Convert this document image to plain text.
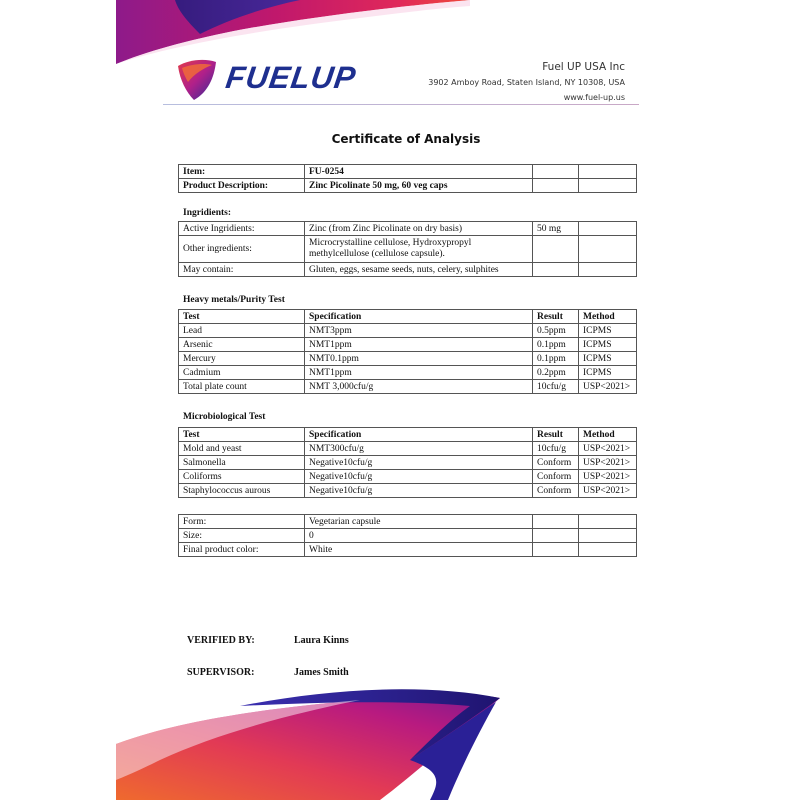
FUELUP	Fuel UP USA Inc
3902 Amboy Road, Staten Island, NY 10308, USA
www.fuel-up.us
Certificate of Analysis
Item:	FU-0254		
Product Description:	Zinc Picolinate 50 mg, 60 veg caps		
Ingridients:
Active Ingridients:	Zinc (from Zinc Picolinate on dry basis)	50 mg	
Other ingredients:	Microcrystalline cellulose, Hydroxypropyl methylcellulose (cellulose capsule).		
May contain:	Gluten, eggs, sesame seeds, nuts, celery, sulphites		
Heavy metals/Purity Test
Test	Specification	Result	Method
Lead	NMT3ppm	0.5ppm	ICPMS
Arsenic	NMT1ppm	0.1ppm	ICPMS
Mercury	NMT0.1ppm	0.1ppm	ICPMS
Cadmium	NMT1ppm	0.2ppm	ICPMS
Total plate count	NMT 3,000cfu/g	10cfu/g	USP<2021>
Microbiological Test
Test	Specification	Result	Method
Mold and yeast	NMT300cfu/g	10cfu/g	USP<2021>
Salmonella	Negative10cfu/g	Conform	USP<2021>
Coliforms	Negative10cfu/g	Conform	USP<2021>
Staphylococcus aurous	Negative10cfu/g	Conform	USP<2021>
Form:	Vegetarian capsule		
Size:	0		
Final product color:	White		
VERIFIED BY:	Laura Kinns
SUPERVISOR:	James Smith
